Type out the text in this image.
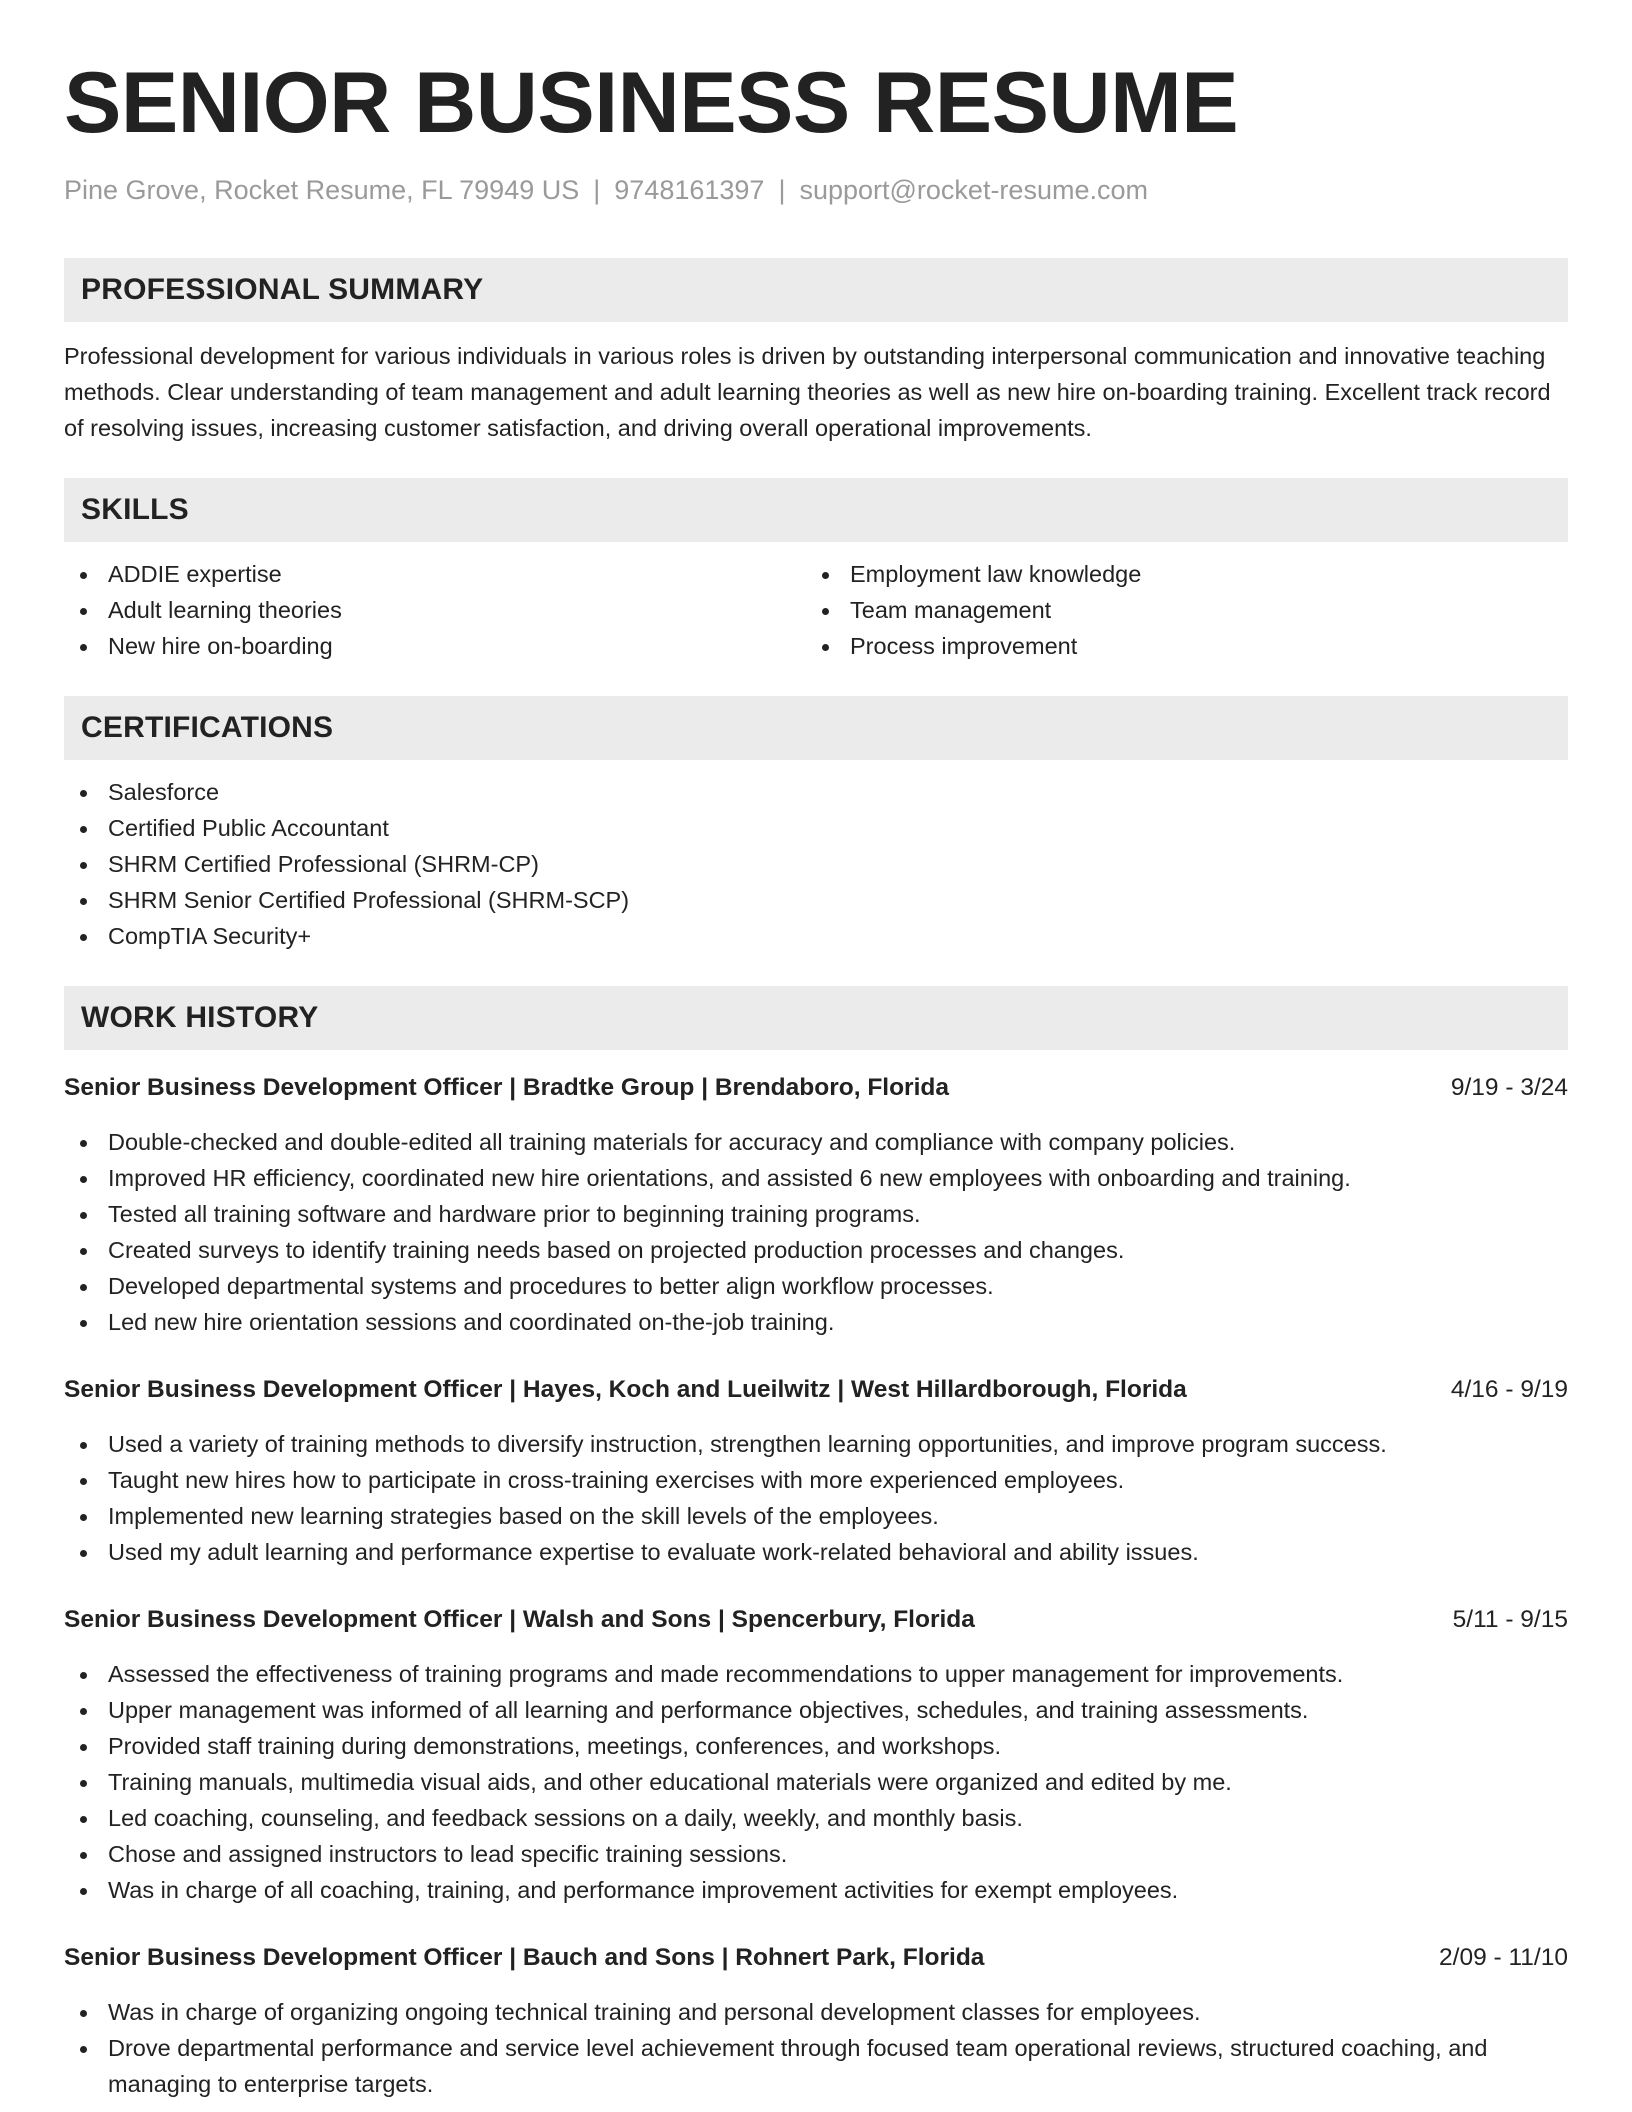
SENIOR BUSINESS RESUME
Pine Grove, Rocket Resume, FL 79949 US | 9748161397 | support@rocket-resume.com
PROFESSIONAL SUMMARY
Professional development for various individuals in various roles is driven by outstanding interpersonal communication and innovative teaching methods. Clear understanding of team management and adult learning theories as well as new hire on-boarding training. Excellent track record of resolving issues, increasing customer satisfaction, and driving overall operational improvements.
SKILLS
ADDIE expertise
Adult learning theories
New hire on-boarding
Employment law knowledge
Team management
Process improvement
CERTIFICATIONS
Salesforce
Certified Public Accountant
SHRM Certified Professional (SHRM-CP)
SHRM Senior Certified Professional (SHRM-SCP)
CompTIA Security+
WORK HISTORY
Senior Business Development Officer | Bradtke Group | Brendaboro, Florida	9/19 - 3/24
Double-checked and double-edited all training materials for accuracy and compliance with company policies.
Improved HR efficiency, coordinated new hire orientations, and assisted 6 new employees with onboarding and training.
Tested all training software and hardware prior to beginning training programs.
Created surveys to identify training needs based on projected production processes and changes.
Developed departmental systems and procedures to better align workflow processes.
Led new hire orientation sessions and coordinated on-the-job training.
Senior Business Development Officer | Hayes, Koch and Lueilwitz | West Hillardborough, Florida	4/16 - 9/19
Used a variety of training methods to diversify instruction, strengthen learning opportunities, and improve program success.
Taught new hires how to participate in cross-training exercises with more experienced employees.
Implemented new learning strategies based on the skill levels of the employees.
Used my adult learning and performance expertise to evaluate work-related behavioral and ability issues.
Senior Business Development Officer | Walsh and Sons | Spencerbury, Florida	5/11 - 9/15
Assessed the effectiveness of training programs and made recommendations to upper management for improvements.
Upper management was informed of all learning and performance objectives, schedules, and training assessments.
Provided staff training during demonstrations, meetings, conferences, and workshops.
Training manuals, multimedia visual aids, and other educational materials were organized and edited by me.
Led coaching, counseling, and feedback sessions on a daily, weekly, and monthly basis.
Chose and assigned instructors to lead specific training sessions.
Was in charge of all coaching, training, and performance improvement activities for exempt employees.
Senior Business Development Officer | Bauch and Sons | Rohnert Park, Florida	2/09 - 11/10
Was in charge of organizing ongoing technical training and personal development classes for employees.
Drove departmental performance and service level achievement through focused team operational reviews, structured coaching, and managing to enterprise targets.
